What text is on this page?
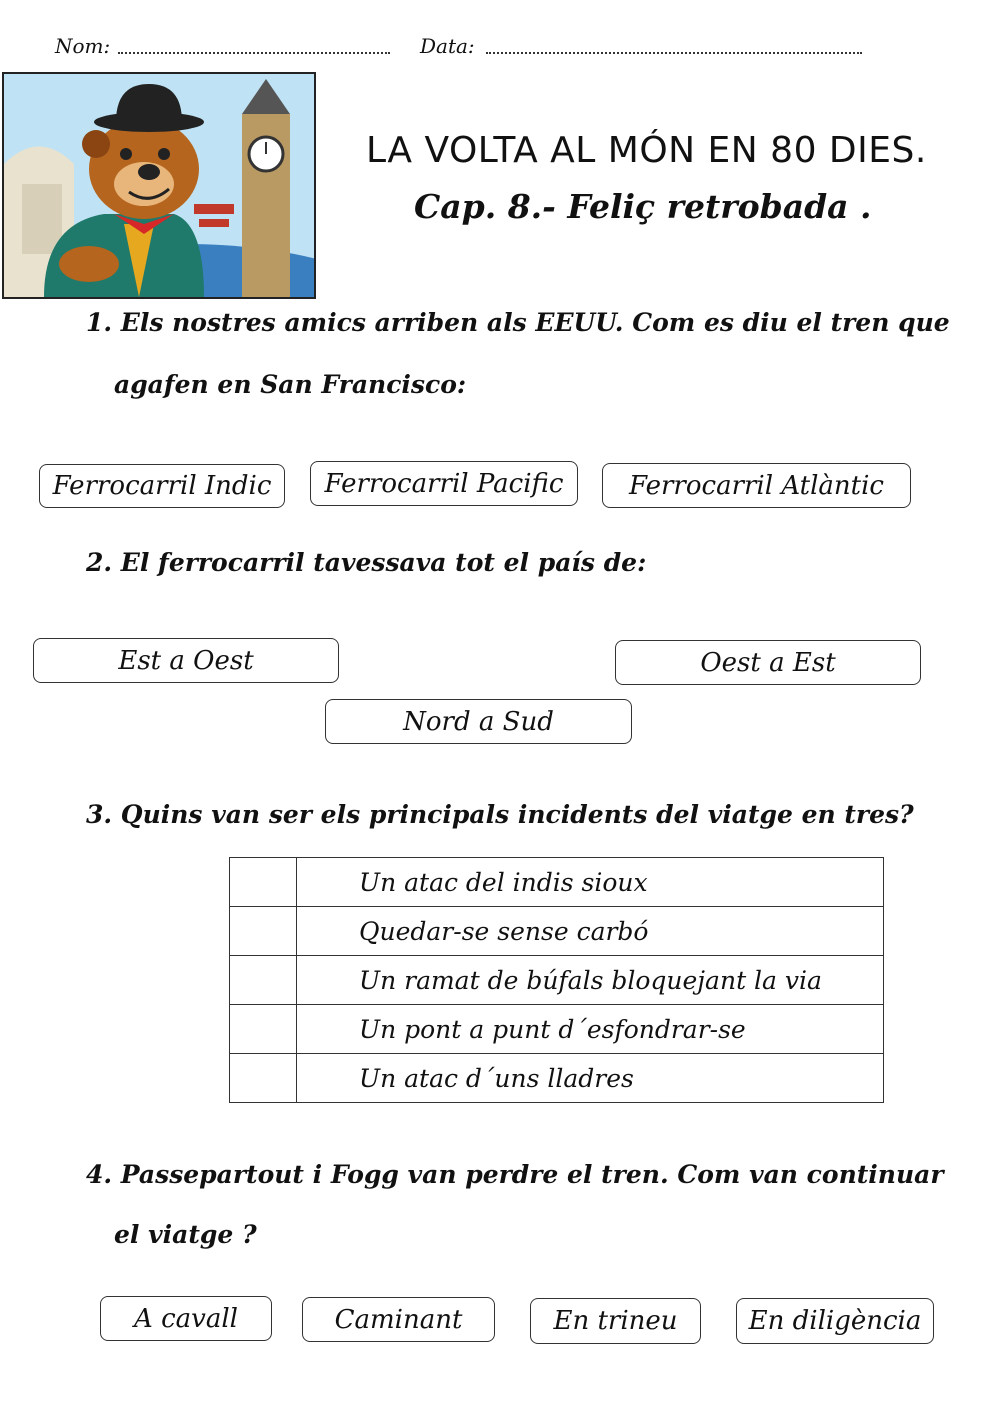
Nom:	Data:
LA VOLTA AL MÓN EN 80 DIES.
Cap. 8.- Feliç retrobada .
1. Els nostres amics arriben als EEUU. Com es diu el tren que
agafen en San Francisco:
Ferrocarril Indic	Ferrocarril Pacific	Ferrocarril Atlàntic
2. El ferrocarril tavessava tot el país de:
Est a Oest	Oest a Est
Nord a Sud
3. Quins van ser els principals incidents del viatge en tres?
	Un atac del indis sioux
	Quedar-se sense carbó
	Un ramat de búfals bloquejant la via
	Un pont a punt d´esfondrar-se
	Un atac d´uns lladres
4. Passepartout i Fogg van perdre el tren. Com van continuar
el viatge ?
A cavall	Caminant	En trineu	En diligència
